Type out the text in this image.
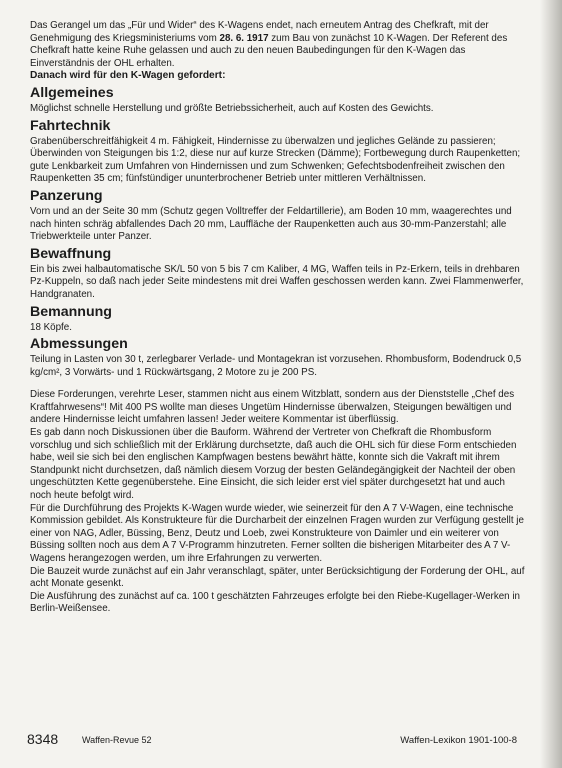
Das Gerangel um das „Für und Wider“ des K-Wagens endet, nach erneutem Antrag des Chefkraft, mit der Genehmigung des Kriegsministeriums vom 28. 6. 1917 zum Bau von zunächst 10 K-Wagen. Der Referent des Chefkraft hatte keine Ruhe gelassen und auch zu den neuen Baubedingungen für den K-Wagen das Einverständnis der OHL erhalten.

Danach wird für den K-Wagen gefordert:

Allgemeines

Möglichst schnelle Herstellung und größte Betriebssicherheit, auch auf Kosten des Gewichts.

Fahrtechnik

Grabenüberschreitfähigkeit 4 m. Fähigkeit, Hindernisse zu überwalzen und jegliches Gelände zu passieren; Überwinden von Steigungen bis 1:2, diese nur auf kurze Strecken (Dämme); Fortbewegung durch Raupenketten; gute Lenkbarkeit zum Umfahren von Hindernissen und zum Schwenken; Gefechtsbodenfreiheit zwischen den Raupenketten 35 cm; fünfstündiger ununterbrochener Betrieb unter mittleren Verhältnissen.

Panzerung

Vorn und an der Seite 30 mm (Schutz gegen Volltreffer der Feldartillerie), am Boden 10 mm, waagerechtes und nach hinten schräg abfallendes Dach 20 mm, Lauffläche der Raupenketten auch aus 30-mm-Panzerstahl; alle Triebwerkteile unter Panzer.

Bewaffnung

Ein bis zwei halbautomatische SK/L 50 von 5 bis 7 cm Kaliber, 4 MG, Waffen teils in Pz-Erkern, teils in drehbaren Pz-Kuppeln, so daß nach jeder Seite mindestens mit drei Waffen geschossen werden kann. Zwei Flammenwerfer, Handgranaten.

Bemannung

18 Köpfe.

Abmessungen

Teilung in Lasten von 30 t, zerlegbarer Verlade- und Montagekran ist vorzusehen. Rhombusform, Bodendruck 0,5 kg/cm², 3 Vorwärts- und 1 Rückwärtsgang, 2 Motore zu je 200 PS.

Diese Forderungen, verehrte Leser, stammen nicht aus einem Witzblatt, sondern aus der Dienststelle „Chef des Kraftfahrwesens“! Mit 400 PS wollte man dieses Ungetüm Hindernisse überwalzen, Steigungen bewältigen und andere Hindernisse leicht umfahren lassen! Jeder weitere Kommentar ist überflüssig.

Es gab dann noch Diskussionen über die Bauform. Während der Vertreter von Chefkraft die Rhombusform vorschlug und sich schließlich mit der Erklärung durchsetzte, daß auch die OHL sich für diese Form entschieden habe, weil sie sich bei den englischen Kampfwagen bestens bewährt hätte, konnte sich die Vakraft mit ihrem Standpunkt nicht durchsetzen, daß nämlich diesem Vorzug der besten Geländegängigkeit der Nachteil der oben ungeschützten Kette gegenüberstehe. Eine Einsicht, die sich leider erst viel später durchgesetzt hat und auch noch heute befolgt wird.

Für die Durchführung des Projekts K-Wagen wurde wieder, wie seinerzeit für den A 7 V-Wagen, eine technische Kommission gebildet. Als Konstrukteure für die Durcharbeit der einzelnen Fragen wurden zur Verfügung gestellt je einer von NAG, Adler, Büssing, Benz, Deutz und Loeb, zwei Konstrukteure von Daimler und ein weiterer von Büssing sollten noch aus dem A 7 V-Programm hinzutreten. Ferner sollten die bisherigen Mitarbeiter des A 7 V-Wagens herangezogen werden, um ihre Erfahrungen zu verwerten.

Die Bauzeit wurde zunächst auf ein Jahr veranschlagt, später, unter Berücksichtigung der Forderung der OHL, auf acht Monate gesenkt.

Die Ausführung des zunächst auf ca. 100 t geschätzten Fahrzeuges erfolgte bei den Riebe-Kugellager-Werken in Berlin-Weißensee.

8348	Waffen-Revue 52	Waffen-Lexikon 1901-100-8
